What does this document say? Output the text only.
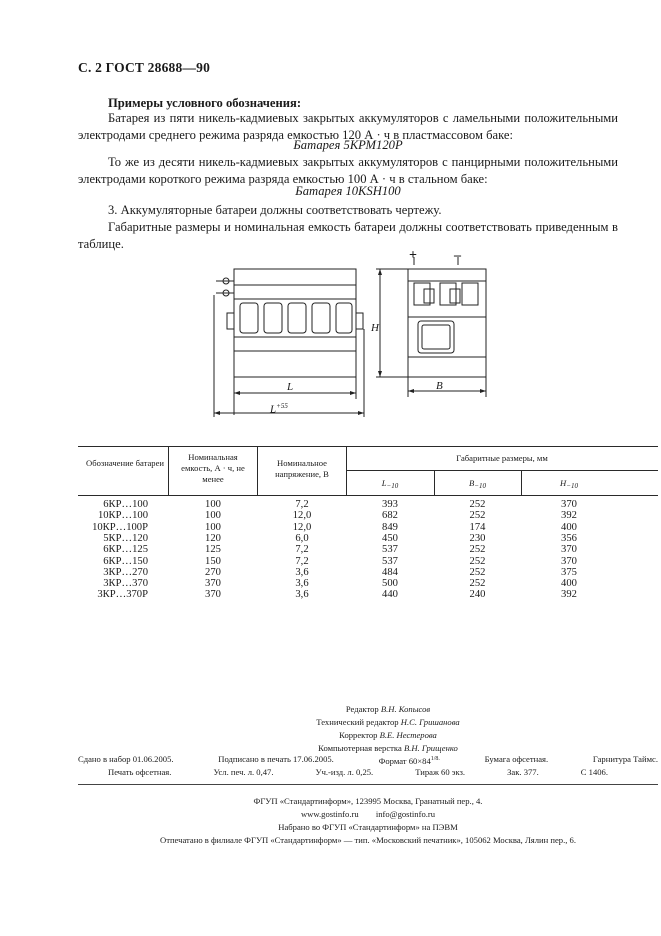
С. 2 ГОСТ 28688—90
Примеры условного обозначения:
Батарея из пяти никель-кадмиевых закрытых аккумуляторов с ламельными положительными электродами среднего режима разряда емкостью 120 А · ч в пластмассовом баке:
Батарея 5КРМ120Р
То же из десяти никель-кадмиевых закрытых аккумуляторов с панцирными положительными электродами короткого режима разряда емкостью 100 А · ч в стальном баке:
Батарея 10KSH100
3. Аккумуляторные батареи должны соответствовать чертежу.
Габаритные размеры и номинальная емкость батареи должны соответствовать приведенным в таблице.
L
$L^{+55}$
H
B
+	–
Обозначение батареи
Номинальная емкость, А · ч, не менее
Номинальное напряжение, В
Габаритные размеры, мм
$L_{-10}$	$B_{-10}$	$H_{-10}$
6КР…100	100	7,2	393	252	370
10КР…100	100	12,0	682	252	392
10КР…100Р	100	12,0	849	174	400
5КР…120	120	6,0	450	230	356
6КР…125	125	7,2	537	252	370
6КР…150	150	7,2	537	252	370
3КР…270	270	3,6	484	252	375
3КР…370	370	3,6	500	252	400
3КР…370Р	370	3,6	440	240	392
Редактор В.Н. Копысов
Технический редактор Н.С. Гришанова
Корректор В.Е. Нестерова
Компьютерная верстка В.Н. Грищенко
Сдано в набор 01.06.2005.	Подписано в печать 17.06.2005.	Формат $60\times 84^{1/8.}$	Бумага офсетная.	Гарнитура Таймс.
Печать офсетная.	Усл. печ. л. 0,47.	Уч.-изд. л. 0,25.	Тираж 60 экз.	Зак. 377.	С 1406.
ФГУП «Стандартинформ», 123995 Москва, Гранатный пер., 4.
www.gostinfo.ru info@gostinfo.ru
Набрано во ФГУП «Стандартинформ» на ПЭВМ
Отпечатано в филиале ФГУП «Стандартинформ» — тип. «Московский печатник», 105062 Москва, Лялин пер., 6.
